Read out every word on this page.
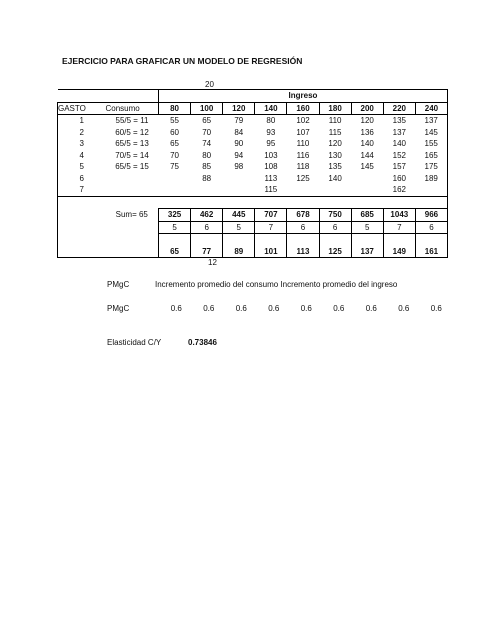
EJERCICIO PARA GRAFICAR UN MODELO DE REGRESIÓN
20
		Ingreso								
GASTO	Consumo	80	100	120	140	160	180	200	220	240
1	55/5 = 11	55	65	79	80	102	110	120	135	137
2	60/5 = 12	60	70	84	93	107	115	136	137	145
3	65/5 = 13	65	74	90	95	110	120	140	140	155
4	70/5 = 14	70	80	94	103	116	130	144	152	165
5	65/5 = 15	75	85	98	108	118	135	145	157	175
6			88		113	125	140		160	189
7					115				162	

	Sum= 65	325	462	445	707	678	750	685	1043	966
		5	6	5	7	6	6	5	7	6

		65	77	89	101	113	125	137	149	161
12
PMgC	Incremento promedio del consumo Incremento promedio del ingreso
PMgC	0.6	0.6	0.6	0.6	0.6	0.6	0.6	0.6	0.6
Elasticidad C/Y	0.73846
